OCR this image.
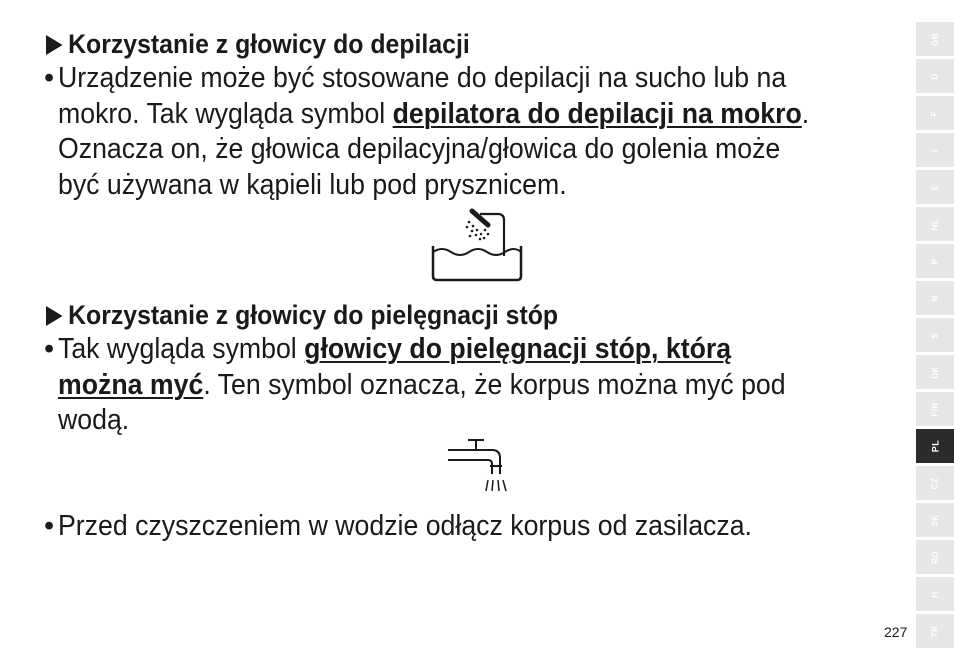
Korzystanie z głowicy do depilacji
• Urządzenie może być stosowane do depilacji na sucho lub na
mokro. Tak wygląda symbol depilatora do depilacji na mokro.
Oznacza on, że głowica depilacyjna/głowica do golenia może
być używana w kąpieli lub pod prysznicem.
Korzystanie z głowicy do pielęgnacji stóp
• Tak wygląda symbol głowicy do pielęgnacji stóp, którą
można myć. Ten symbol oznacza, że korpus można myć pod
wodą.
• Przed czyszczeniem w wodzie odłącz korpus od zasilacza.
227
GB
D
F
I
E
NL
P
N
S
DK
FIN
PL
CZ
SK
RO
H
TR
